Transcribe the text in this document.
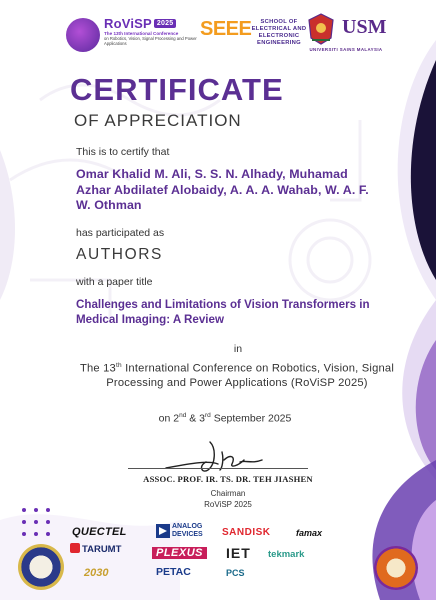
RoViSP 2025
The 13th International Conference
on Robotics, Vision, Signal Processing and Power Applications
SEEE	SCHOOL OF ELECTRICAL AND ELECTRONIC ENGINEERING
USM
UNIVERSITI SAINS MALAYSIA
CERTIFICATE
OF APPRECIATION
This is to certify that
Omar Khalid M. Ali, S. S. N. Alhady, Muhamad Azhar Abdilatef Alobaidy, A. A. A. Wahab, W. A. F. W. Othman
has participated as
AUTHORS
with a paper title
Challenges and Limitations of Vision Transformers in Medical Imaging: A Review
in
The 13th International Conference on Robotics, Vision, Signal Processing and Power Applications (RoViSP 2025)
on 2nd & 3rd September 2025
ASSOC. PROF. IR. TS. DR. TEH JIASHEN
Chairman
RoViSP 2025
QUECTEL	ANALOG DEVICES	SANDISK	famax
TARUMT	PLEXUS IET tekmark
2030	PETAC	PCS
